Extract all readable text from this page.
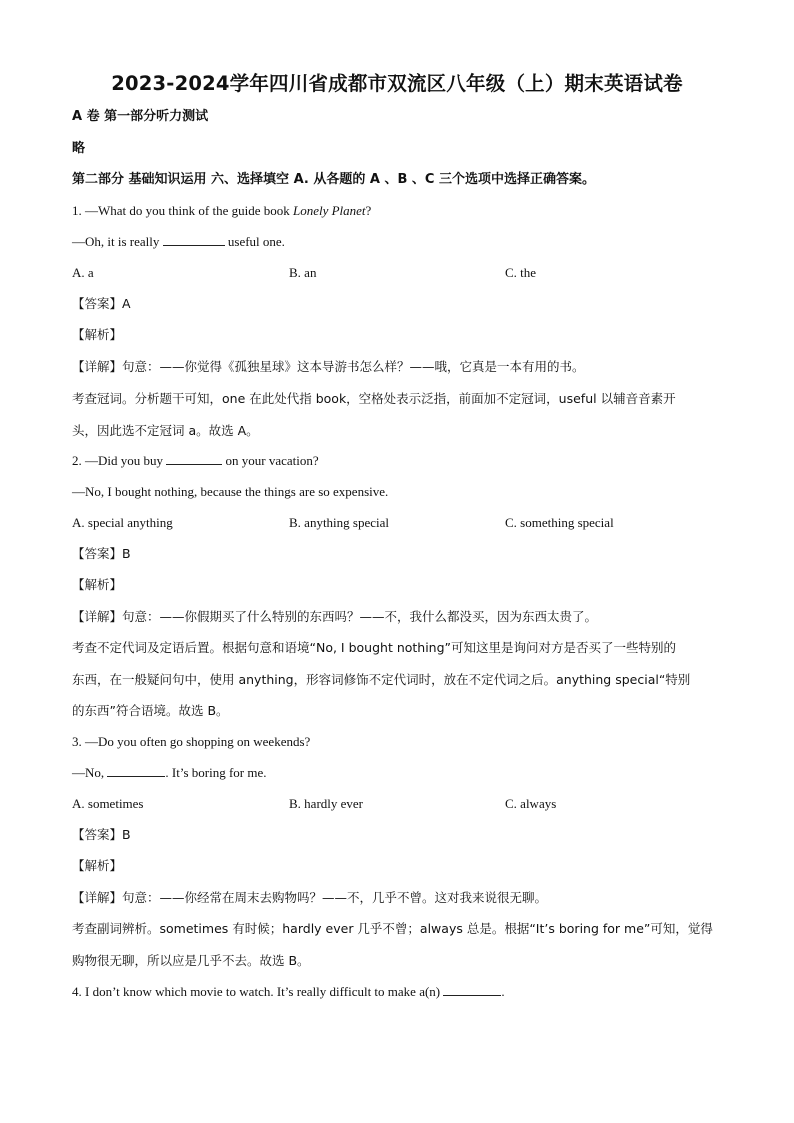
2023-2024学年四川省成都市双流区八年级（上）期末英语试卷
A 卷 第一部分听力测试
略
第二部分 基础知识运用 六、选择填空 A. 从各题的 A 、B 、C 三个选项中选择正确答案。
1. —What do you think of the guide book Lonely Planet?
—Oh, it is really	useful one.
A. a	B. an	C. the
【答案】A
【解析】
【详解】句意：——你觉得《孤独星球》这本导游书怎么样？——哦，它真是一本有用的书。
考查冠词。分析题干可知，one 在此处代指 book，空格处表示泛指，前面加不定冠词，useful 以辅音音素开
头，因此选不定冠词 a。故选 A。
2. —Did you buy	on your vacation?
—No, I bought nothing, because the things are so expensive.
A. special anything	B. anything special	C. something special
【答案】B
【解析】
【详解】句意：——你假期买了什么特别的东西吗？——不，我什么都没买，因为东西太贵了。
考查不定代词及定语后置。根据句意和语境“No, I bought nothing”可知这里是询问对方是否买了一些特别的
东西，在一般疑问句中，使用 anything，形容词修饰不定代词时，放在不定代词之后。anything special“特别
的东西”符合语境。故选 B。
3. —Do you often go shopping on weekends?
—No,	. It’s boring for me.
A. sometimes	B. hardly ever	C. always
【答案】B
【解析】
【详解】句意：——你经常在周末去购物吗？——不，几乎不曾。这对我来说很无聊。
考查副词辨析。sometimes 有时候；hardly ever 几乎不曾；always 总是。根据“It’s boring for me”可知，觉得
购物很无聊，所以应是几乎不去。故选 B。
4. I don’t know which movie to watch. It’s really difficult to make a(n)	.
